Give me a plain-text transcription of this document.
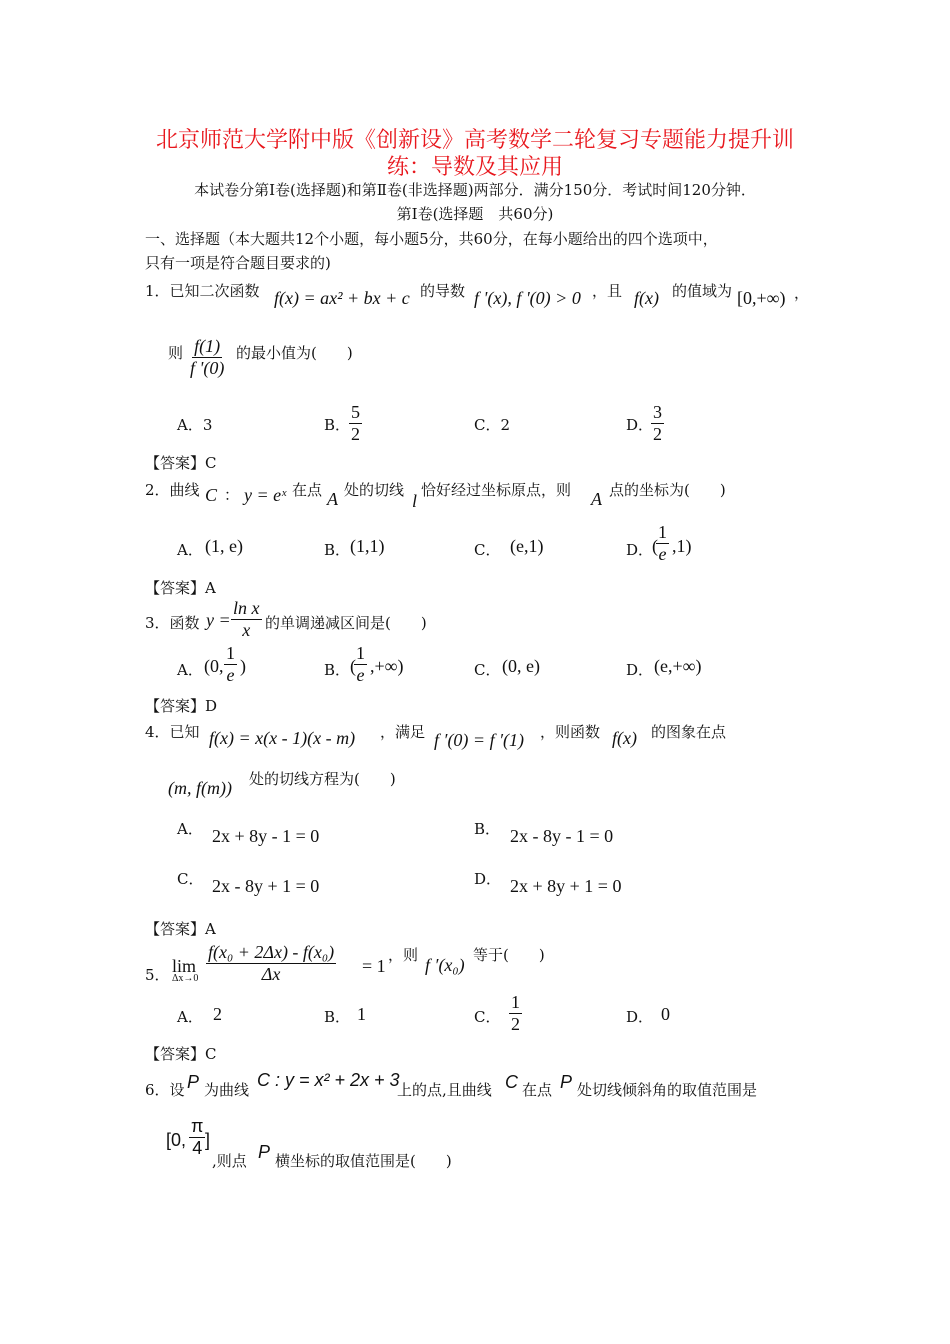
北京师范大学附中版《创新设》高考数学二轮复习专题能力提升训
练：导数及其应用
本试卷分第Ⅰ卷(选择题)和第Ⅱ卷(非选择题)两部分．满分150分．考试时间120分钟．
第Ⅰ卷(选择题　共60分)
一、选择题（本大题共12个小题，每小题5分，共60分，在每小题给出的四个选项中，
只有一项是符合题目要求的)
1．已知二次函数 f(x) = ax² + bx + c 的导数 f '(x), f '(0) > 0 ，且 f(x) 的值域为 [0,+∞) ，
则 $\frac{f(1)}{f '(0)}$ 的最小值为(　　)
A．3	B．
$\frac{5}{2}$	C．2	D．
$\frac{3}{2}$
【答案】C
2．曲线 C ： y = eˣ 在点 A 处的切线
l
恰好经过坐标原点，则 A 点的坐标为(　　)
A． (1, e)	B． (1,1)	C． (e,1)	D．
(
$\frac{1}{e} ,1$)
【答案】A
3．函数 $y = \frac{\text{ln x}}{x}$ 的单调递减区间是(　　)
A． (0, $\frac{1}{e}$ )	B． (
$\frac{1}{e}$ ,+∞)	C． (0, e)	D． (e,+∞)
【答案】D
4．已知 f(x) = x(x - 1)(x - m) ，满足 f ′(0) = f ′(1) ，则函数 f(x) 的图象在点
(m, f(m)) 处的切线方程为(　　)
A． 2x + 8y - 1 = 0	B． 2x - 8y - 1 = 0
C． 2x - 8y + 1 = 0	D． 2x + 8y + 1 = 0
【答案】A
5． lim
$\Delta x\to 0 \frac{\text{f(x₀ + 2Δx) - f(x₀)}}{\Delta x} = 1$
，则 f ′(x₀) 等于(　　)
A． 2	B． 1	C． $\frac{1}{2}$	D． 0
【答案】C
6．设 P 为曲线 C : y = x² + 2x + 3
上的点,且曲线 C 在点 P 处切线倾斜角的取值范围是
[0, $\frac{\pi}{4}$ ]
,则点 P 横坐标的取值范围是(　　)
